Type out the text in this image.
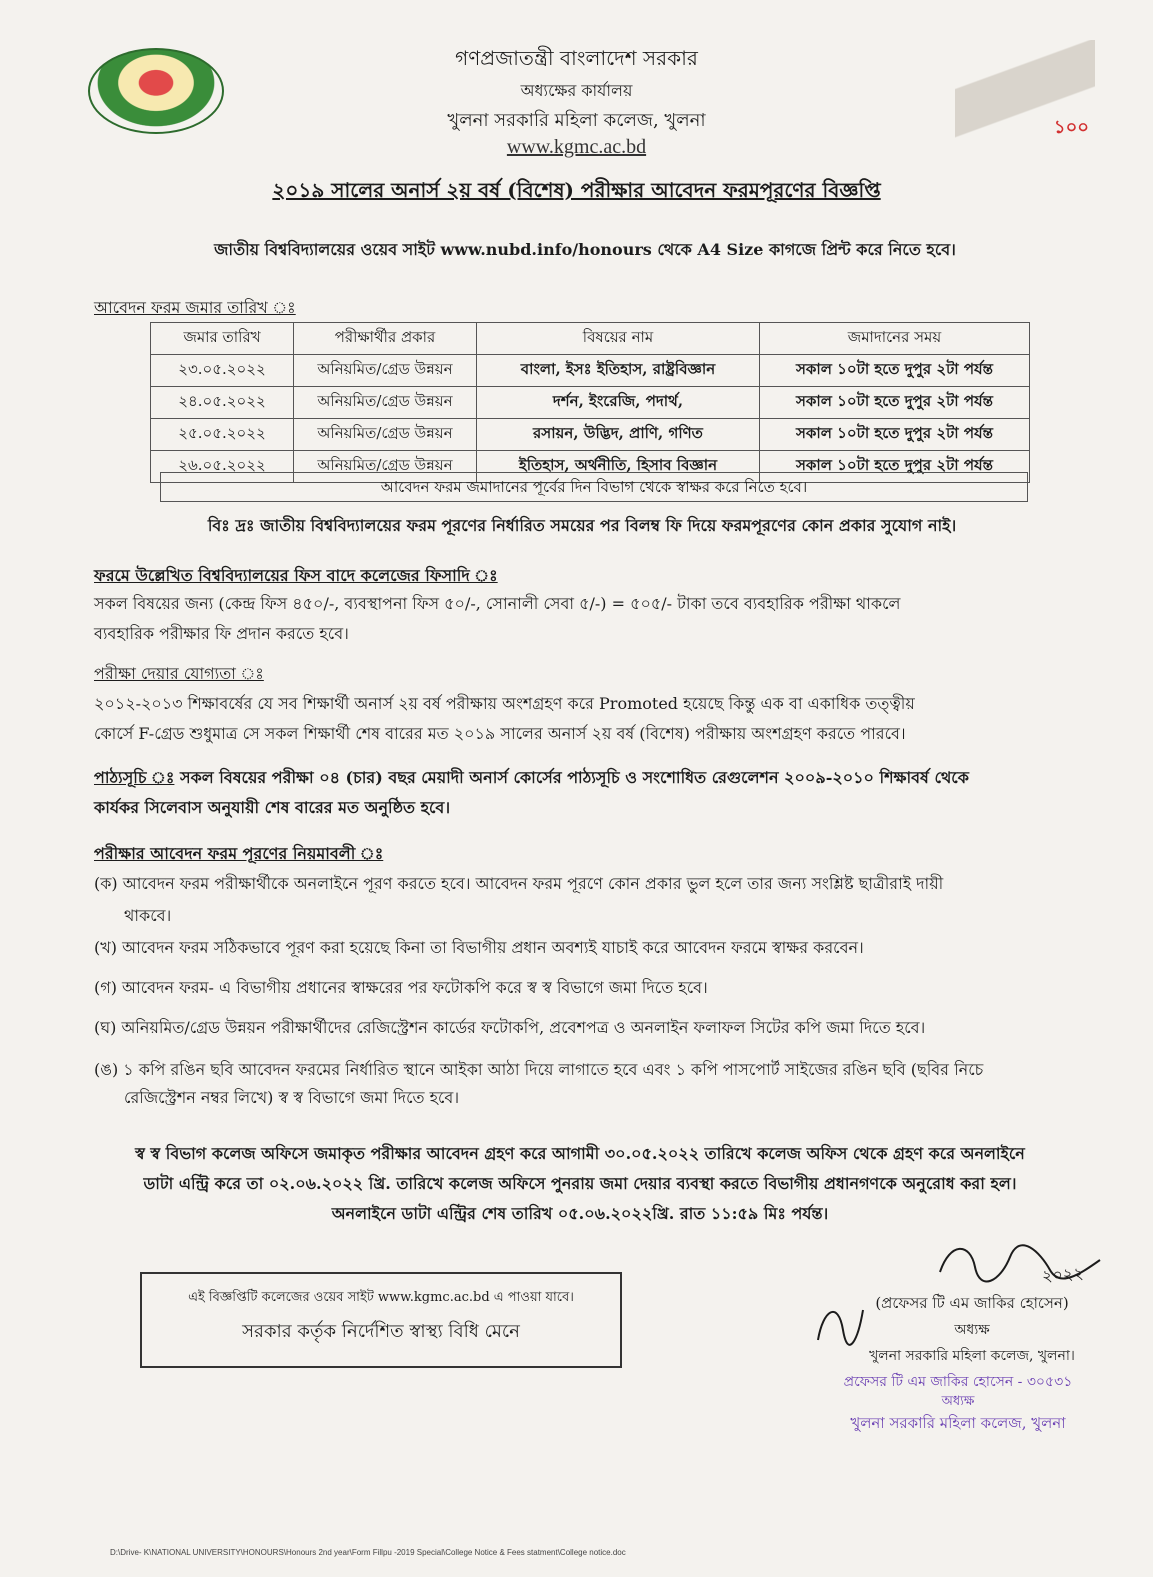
১০০
গণপ্রজাতন্ত্রী বাংলাদেশ সরকার
অধ্যক্ষের কার্যালয়
খুলনা সরকারি মহিলা কলেজ, খুলনা
www.kgmc.ac.bd
২০১৯ সালের অনার্স ২য় বর্ষ (বিশেষ) পরীক্ষার আবেদন ফরমপূরণের বিজ্ঞপ্তি
জাতীয় বিশ্ববিদ্যালয়ের ওয়েব সাইট www.nubd.info/honours থেকে A4 Size কাগজে প্রিন্ট করে নিতে হবে।
আবেদন ফরম জমার তারিখ ঃ
জমার তারিখ	পরীক্ষার্থীর প্রকার	বিষয়ের নাম	জমাদানের সময়
২৩.০৫.২০২২	অনিয়মিত/গ্রেড উন্নয়ন	বাংলা, ইসঃ ইতিহাস, রাষ্ট্রবিজ্ঞান	সকাল ১০টা হতে দুপুর ২টা পর্যন্ত
২৪.০৫.২০২২	অনিয়মিত/গ্রেড উন্নয়ন	দর্শন, ইংরেজি, পদার্থ,	সকাল ১০টা হতে দুপুর ২টা পর্যন্ত
২৫.০৫.২০২২	অনিয়মিত/গ্রেড উন্নয়ন	রসায়ন, উদ্ভিদ, প্রাণি, গণিত	সকাল ১০টা হতে দুপুর ২টা পর্যন্ত
২৬.০৫.২০২২	অনিয়মিত/গ্রেড উন্নয়ন	ইতিহাস, অর্থনীতি, হিসাব বিজ্ঞান	সকাল ১০টা হতে দুপুর ২টা পর্যন্ত
আবেদন ফরম জমাদানের পূর্বের দিন বিভাগ থেকে স্বাক্ষর করে নিতে হবে।
বিঃ দ্রঃ জাতীয় বিশ্ববিদ্যালয়ের ফরম পূরণের নির্ধারিত সময়ের পর বিলম্ব ফি দিয়ে ফরমপূরণের কোন প্রকার সুযোগ নাই।
ফরমে উল্লেখিত বিশ্ববিদ্যালয়ের ফিস বাদে কলেজের ফিসাদি ঃ
সকল বিষয়ের জন্য (কেন্দ্র ফিস ৪৫০/-, ব্যবস্থাপনা ফিস ৫০/-, সোনালী সেবা ৫/-) = ৫০৫/- টাকা তবে ব্যবহারিক পরীক্ষা থাকলে
ব্যবহারিক পরীক্ষার ফি প্রদান করতে হবে।
পরীক্ষা দেয়ার যোগ্যতা ঃ
২০১২-২০১৩ শিক্ষাবর্ষের যে সব শিক্ষার্থী অনার্স ২য় বর্ষ পরীক্ষায় অংশগ্রহণ করে Promoted হয়েছে কিন্তু এক বা একাধিক তত্ত্বীয়
কোর্সে F-গ্রেড শুধুমাত্র সে সকল শিক্ষার্থী শেষ বারের মত ২০১৯ সালের অনার্স ২য় বর্ষ (বিশেষ) পরীক্ষায় অংশগ্রহণ করতে পারবে।
পাঠ্যসূচি ঃ সকল বিষয়ের পরীক্ষা ০৪ (চার) বছর মেয়াদী অনার্স কোর্সের পাঠ্যসূচি ও সংশোধিত রেগুলেশন ২০০৯-২০১০ শিক্ষাবর্ষ থেকে
কার্যকর সিলেবাস অনুযায়ী শেষ বারের মত অনুষ্ঠিত হবে।
পরীক্ষার আবেদন ফরম পূরণের নিয়মাবলী ঃ
(ক) আবেদন ফরম পরীক্ষার্থীকে অনলাইনে পূরণ করতে হবে। আবেদন ফরম পূরণে কোন প্রকার ভুল হলে তার জন্য সংশ্লিষ্ট ছাত্রীরাই দায়ী
থাকবে।
(খ) আবেদন ফরম সঠিকভাবে পূরণ করা হয়েছে কিনা তা বিভাগীয় প্রধান অবশ্যই যাচাই করে আবেদন ফরমে স্বাক্ষর করবেন।
(গ) আবেদন ফরম- এ বিভাগীয় প্রধানের স্বাক্ষরের পর ফটোকপি করে স্ব স্ব বিভাগে জমা দিতে হবে।
(ঘ) অনিয়মিত/গ্রেড উন্নয়ন পরীক্ষার্থীদের রেজিস্ট্রেশন কার্ডের ফটোকপি, প্রবেশপত্র ও অনলাইন ফলাফল সিটের কপি জমা দিতে হবে।
(ঙ) ১ কপি রঙিন ছবি আবেদন ফরমের নির্ধারিত স্থানে আইকা আঠা দিয়ে লাগাতে হবে এবং ১ কপি পাসপোর্ট সাইজের রঙিন ছবি (ছবির নিচে
রেজিস্ট্রেশন নম্বর লিখে) স্ব স্ব বিভাগে জমা দিতে হবে।
স্ব স্ব বিভাগ কলেজ অফিসে জমাকৃত পরীক্ষার আবেদন গ্রহণ করে আগামী ৩০.০৫.২০২২ তারিখে কলেজ অফিস থেকে গ্রহণ করে অনলাইনে
ডাটা এন্ট্রি করে তা ০২.০৬.২০২২ খ্রি. তারিখে কলেজ অফিসে পুনরায় জমা দেয়ার ব্যবস্থা করতে বিভাগীয় প্রধানগণকে অনুরোধ করা হল।
অনলাইনে ডাটা এন্ট্রির শেষ তারিখ ০৫.০৬.২০২২খ্রি. রাত ১১:৫৯ মিঃ পর্যন্ত।
এই বিজ্ঞপ্তিটি কলেজের ওয়েব সাইট www.kgmc.ac.bd এ পাওয়া যাবে।
সরকার কর্তৃক নির্দেশিত স্বাস্থ্য বিধি মেনে
২০২২
(প্রফেসর টি এম জাকির হোসেন)
অধ্যক্ষ
খুলনা সরকারি মহিলা কলেজ, খুলনা।
প্রফেসর টি এম জাকির হোসেন - ৩০৫৩১
অধ্যক্ষ
খুলনা সরকারি মহিলা কলেজ, খুলনা
D:\Drive- K\NATIONAL UNIVERSITY\HONOURS\Honours 2nd year\Form Fillpu -2019 Special\College Notice & Fees statment\College notice.doc
